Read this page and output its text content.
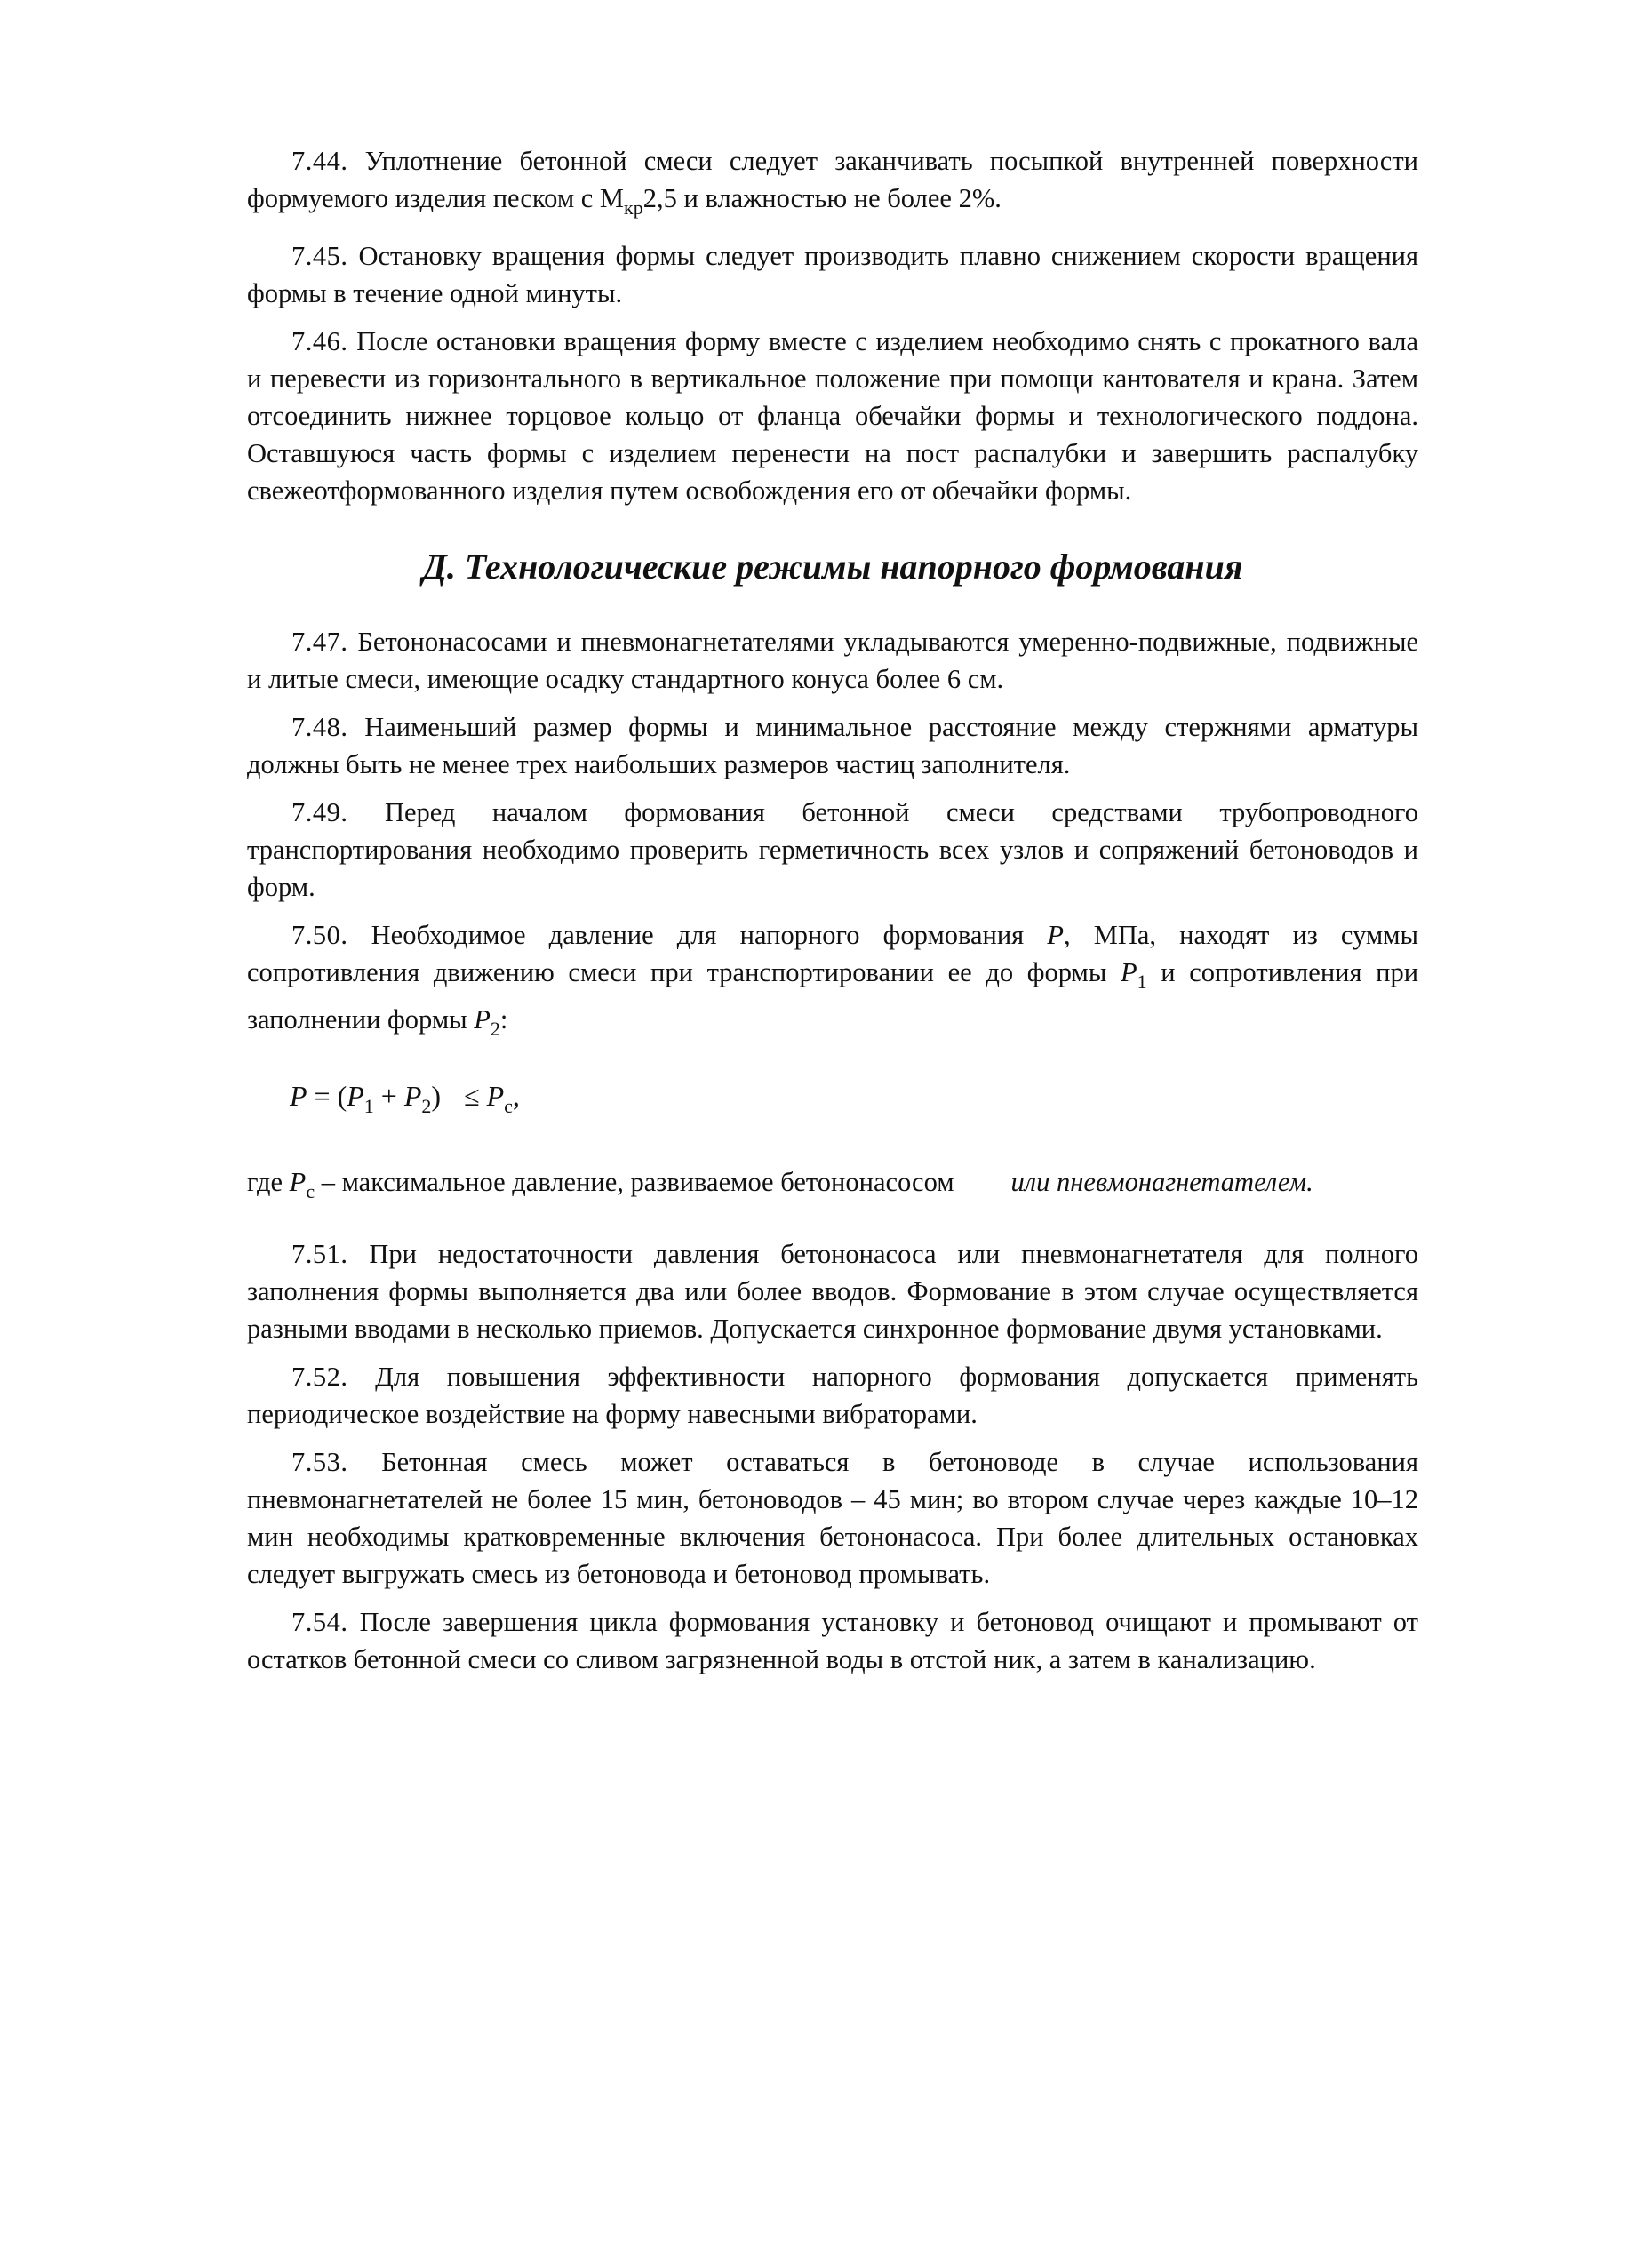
7.44. Уплотнение бетонной смеси следует заканчивать посыпкой внутренней поверхности формуемого изделия песком с $М_{кр}2,5$ и влажностью не более 2%.

7.45. Остановку вращения формы следует производить плавно снижением скорости вращения формы в течение одной минуты.

7.46. После остановки вращения форму вместе с изделием необходимо снять с прокатного вала и перевести из горизонтального в вертикальное положение при помощи кантователя и крана. Затем отсоединить нижнее торцовое кольцо от фланца обечайки формы и технологического поддона. Оставшуюся часть формы с изделием перенести на пост распалубки и завершить распалубку свежеотформованного изделия путем освобождения его от обечайки формы.

Д. Технологические режимы напорного формования

7.47. Бетононасосами и пневмонагнетателями укладываются умеренно-подвижные, подвижные и литые смеси, имеющие осадку стандартного конуса более 6 см.

7.48. Наименьший размер формы и минимальное расстояние между стержнями арматуры должны быть не менее трех наибольших размеров частиц заполнителя.

7.49. Перед началом формования бетонной смеси средствами трубопроводного транспортирования необходимо проверить герметичность всех узлов и сопряжений бетоноводов и форм.

7.50. Необходимое давление для напорного формования P, МПа, находят из суммы сопротивления движению смеси при транспортировании ее до формы $P_1$ и сопротивления при заполнении формы $P_2$:

$P = (P_1 + P_2) \le P_с$,

где $P_с$ – максимальное давление, развиваемое бетононасосом или пневмонагнетателем.

7.51. При недостаточности давления бетононасоса или пневмонагнетателя для полного заполнения формы выполняется два или более вводов. Формование в этом случае осуществляется разными вводами в несколько приемов. Допускается синхронное формование двумя установками.

7.52. Для повышения эффективности напорного формования допускается применять периодическое воздействие на форму навесными вибраторами.

7.53. Бетонная смесь может оставаться в бетоноводе в случае использования пневмонагнетателей не более 15 мин, бетоноводов – 45 мин; во втором случае через каждые 10–12 мин необходимы кратковременные включения бетононасоса. При более длительных остановках следует выгружать смесь из бетоновода и бетоновод промывать.

7.54. После завершения цикла формования установку и бетоновод очищают и промывают от остатков бетонной смеси со сливом загрязненной воды в отстой ник, а затем в канализацию.
